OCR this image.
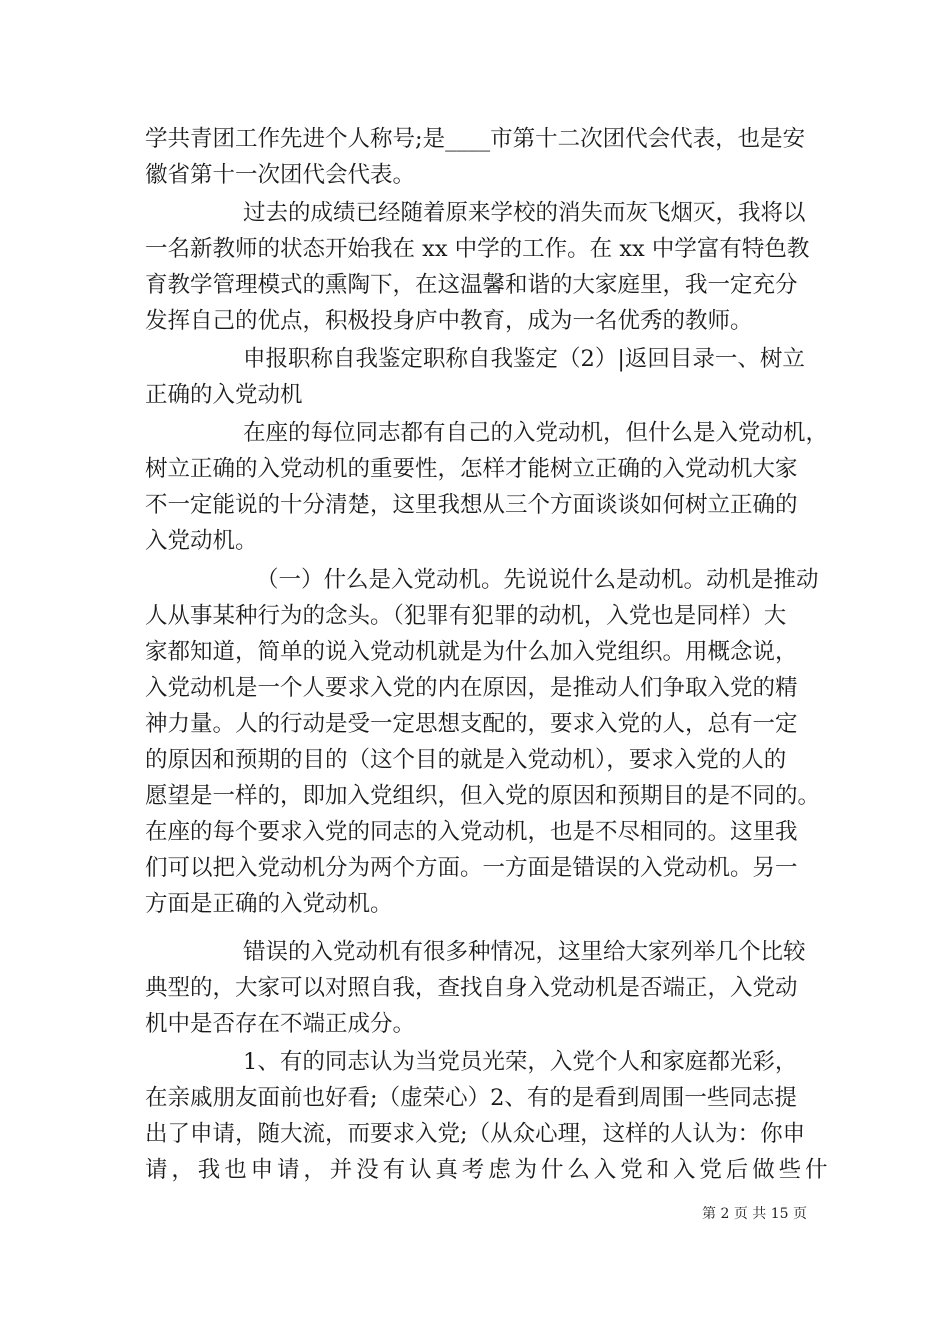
学共青团工作先进个人称号;是____市第十二次团代会代表，也是安
徽省第十一次团代会代表。
过去的成绩已经随着原来学校的消失而灰飞烟灭，我将以
一名新教师的状态开始我在 xx 中学的工作。在 xx 中学富有特色教
育教学管理模式的熏陶下，在这温馨和谐的大家庭里，我一定充分
发挥自己的优点，积极投身庐中教育，成为一名优秀的教师。
申报职称自我鉴定职称自我鉴定（2）|返回目录一、树立
正确的入党动机
在座的每位同志都有自己的入党动机，但什么是入党动机，
树立正确的入党动机的重要性，怎样才能树立正确的入党动机大家
不一定能说的十分清楚，这里我想从三个方面谈谈如何树立正确的
入党动机。
（一）什么是入党动机。先说说什么是动机。动机是推动
人从事某种行为的念头。（犯罪有犯罪的动机，入党也是同样）大
家都知道，简单的说入党动机就是为什么加入党组织。用概念说，
入党动机是一个人要求入党的内在原因，是推动人们争取入党的精
神力量。人的行动是受一定思想支配的，要求入党的人，总有一定
的原因和预期的目的（这个目的就是入党动机），要求入党的人的
愿望是一样的，即加入党组织，但入党的原因和预期目的是不同的。
在座的每个要求入党的同志的入党动机，也是不尽相同的。这里我
们可以把入党动机分为两个方面。一方面是错误的入党动机。另一
方面是正确的入党动机。
错误的入党动机有很多种情况，这里给大家列举几个比较
典型的，大家可以对照自我，查找自身入党动机是否端正，入党动
机中是否存在不端正成分。
1、有的同志认为当党员光荣，入党个人和家庭都光彩，
在亲戚朋友面前也好看;（虚荣心）2、有的是看到周围一些同志提
出了申请，随大流，而要求入党;（从众心理，这样的人认为：你申
请，我也申请，并没有认真考虑为什么入党和入党后做些什
第 2 页 共 15 页
